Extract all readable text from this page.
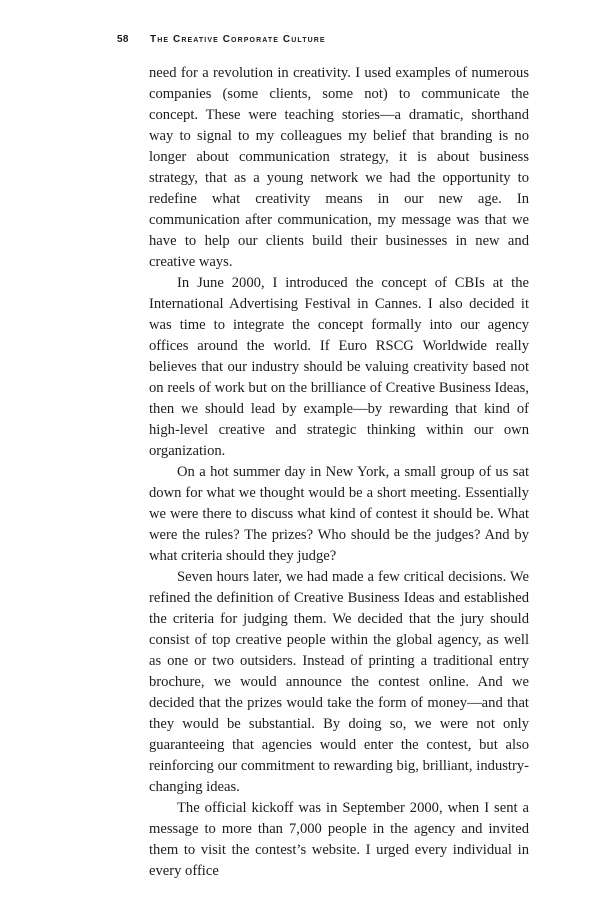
58 The Creative Corporate Culture

need for a revolution in creativity. I used examples of numerous companies (some clients, some not) to communicate the concept. These were teaching stories—a dramatic, shorthand way to signal to my colleagues my belief that branding is no longer about communication strategy, it is about business strategy, that as a young network we had the opportunity to redefine what creativity means in our new age. In communication after communication, my message was that we have to help our clients build their businesses in new and creative ways.

In June 2000, I introduced the concept of CBIs at the International Advertising Festival in Cannes. I also decided it was time to integrate the concept formally into our agency offices around the world. If Euro RSCG Worldwide really believes that our industry should be valuing creativity based not on reels of work but on the brilliance of Creative Business Ideas, then we should lead by example—by rewarding that kind of high-level creative and strategic thinking within our own organization.

On a hot summer day in New York, a small group of us sat down for what we thought would be a short meeting. Essentially we were there to discuss what kind of contest it should be. What were the rules? The prizes? Who should be the judges? And by what criteria should they judge?

Seven hours later, we had made a few critical decisions. We refined the definition of Creative Business Ideas and established the criteria for judging them. We decided that the jury should consist of top creative people within the global agency, as well as one or two outsiders. Instead of printing a traditional entry brochure, we would announce the contest online. And we decided that the prizes would take the form of money—and that they would be substantial. By doing so, we were not only guaranteeing that agencies would enter the contest, but also reinforcing our commitment to rewarding big, brilliant, industry-changing ideas.

The official kickoff was in September 2000, when I sent a message to more than 7,000 people in the agency and invited them to visit the contest’s website. I urged every individual in every office
